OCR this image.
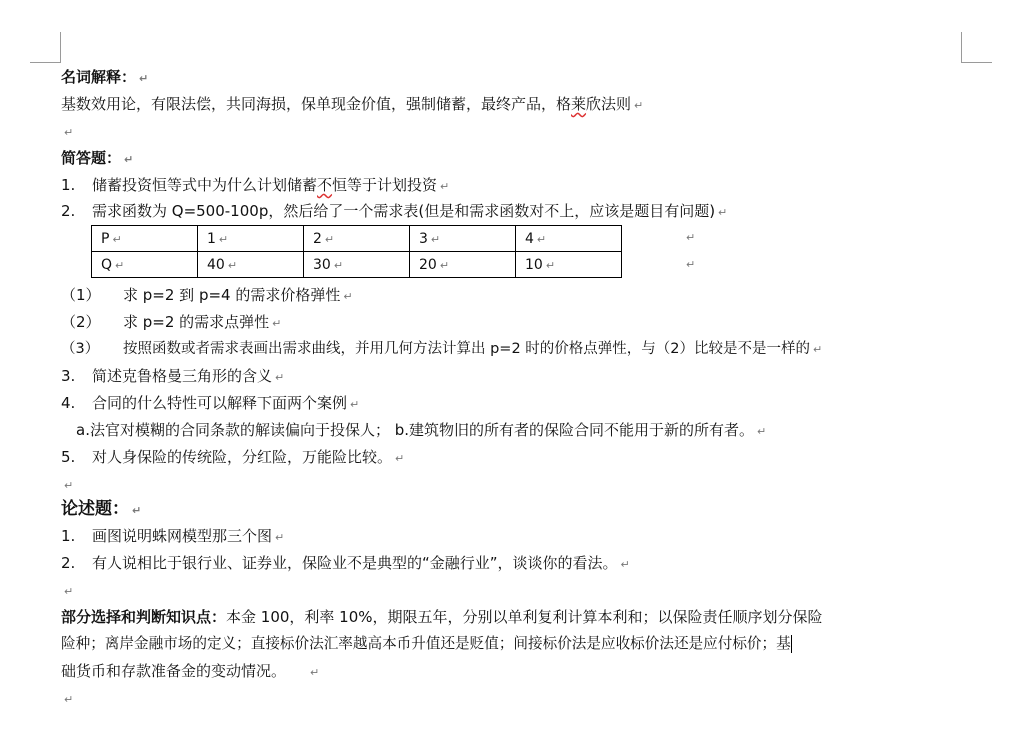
名词解释： ↵
基数效用论，有限法偿，共同海损，保单现金价值，强制储蓄，最终产品，格莱欣法则 ↵
↵
简答题： ↵
1. 储蓄投资恒等式中为什么计划储蓄不恒等于计划投资 ↵
2. 需求函数为 Q=500-100p，然后给了一个需求表(但是和需求函数对不上，应该是题目有问题) ↵
P ↵	1 ↵	2 ↵	3 ↵	4 ↵
Q ↵	40 ↵	30 ↵	20 ↵	10 ↵
↵
↵
（1） 求 p=2 到 p=4 的需求价格弹性 ↵
（2） 求 p=2 的需求点弹性 ↵
（3） 按照函数或者需求表画出需求曲线，并用几何方法计算出 p=2 时的价格点弹性，与（2）比较是不是一样的 ↵
3. 简述克鲁格曼三角形的含义 ↵
4. 合同的什么特性可以解释下面两个案例 ↵
a.法官对模糊的合同条款的解读偏向于投保人； b.建筑物旧的所有者的保险合同不能用于新的所有者。 ↵
5. 对人身保险的传统险，分红险，万能险比较。 ↵
↵
论述题： ↵
1. 画图说明蛛网模型那三个图 ↵
2. 有人说相比于银行业、证券业，保险业不是典型的“金融行业”，谈谈你的看法。 ↵
↵
部分选择和判断知识点：本金 100，利率 10%，期限五年，分别以单利复利计算本利和；以保险责任顺序划分保险
险种；离岸金融市场的定义；直接标价法汇率越高本币升值还是贬值；间接标价法是应收标价法还是应付标价；基
础货币和存款准备金的变动情况。 ↵
↵
